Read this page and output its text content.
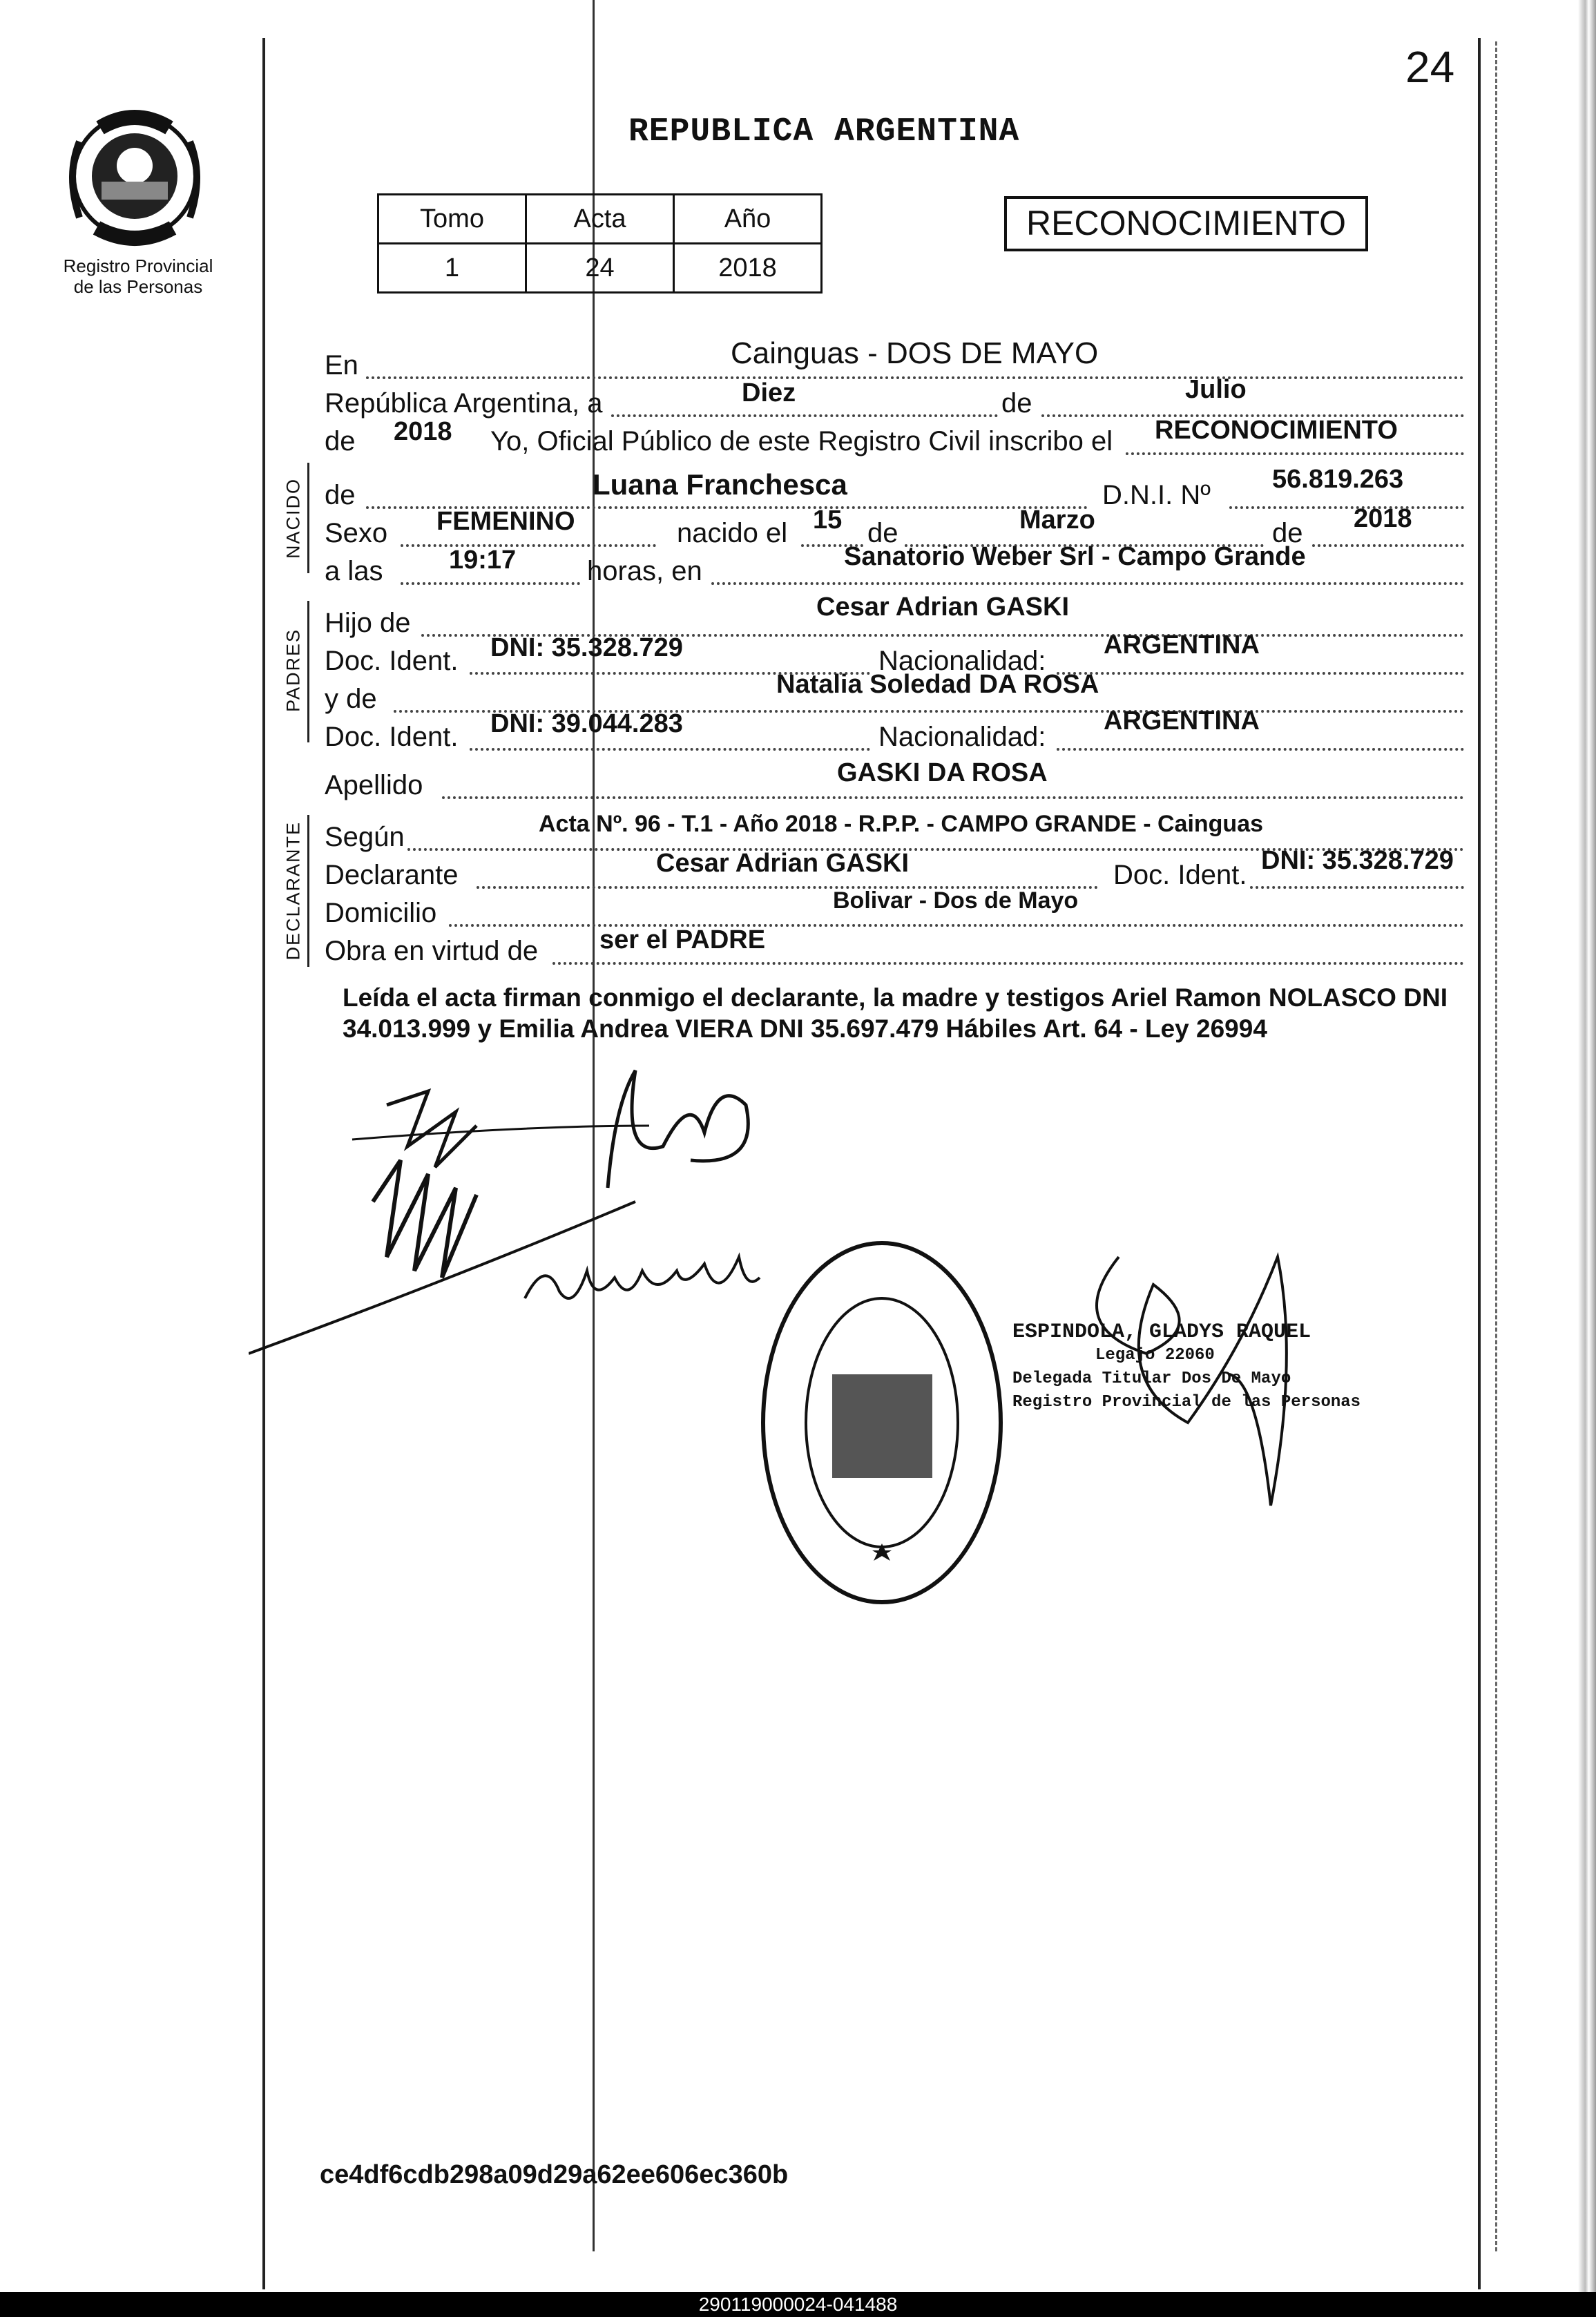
24
Registro Provincial
de las Personas
REPUBLICA ARGENTINA
Tomo	Acta	Año
1	24	2018
RECONOCIMIENTO
En	Cainguas - DOS DE MAYO
República Argentina, a	Diez	de	Julio
de 2018 Yo, Oficial Público de este Registro Civil inscribo el RECONOCIMIENTO
NACIDO de	Luana Franchesca	D.N.I. Nº
56.819.263
Sexo FEMENINO	nacido el 15 de	Marzo	de 2018
a las	19:17	horas, en	Sanatorio Weber Srl - Campo Grande
PADRES
Hijo de
Cesar Adrian GASKI
Doc. Ident. DNI: 35.328.729	Nacionalidad:
ARGENTINA
y de	Natalia Soledad DA ROSA
Doc. Ident. DNI: 39.044.283	Nacionalidad:
ARGENTINA
Apellido	GASKI DA ROSA
DECLARANTE Según	Acta Nº. 96 - T.1 - Año 2018 - R.P.P. - CAMPO GRANDE - Cainguas
Declarante	Cesar Adrian GASKI	Doc. Ident. DNI: 35.328.729
Domicilio	Bolivar - Dos de Mayo
Obra en virtud de ser el PADRE
Leída el acta firman conmigo el declarante, la madre y testigos Ariel Ramon NOLASCO DNI 34.013.999 y Emilia Andrea VIERA DNI 35.697.479 Hábiles Art. 64 - Ley 26994
ESPINDOLA, GLADYS RAQUEL
Legajo 22060
Delegada Titular Dos De Mayo
Registro Provincial de las Personas
ce4df6cdb298a09d29a62ee606ec360b
290119000024-041488
